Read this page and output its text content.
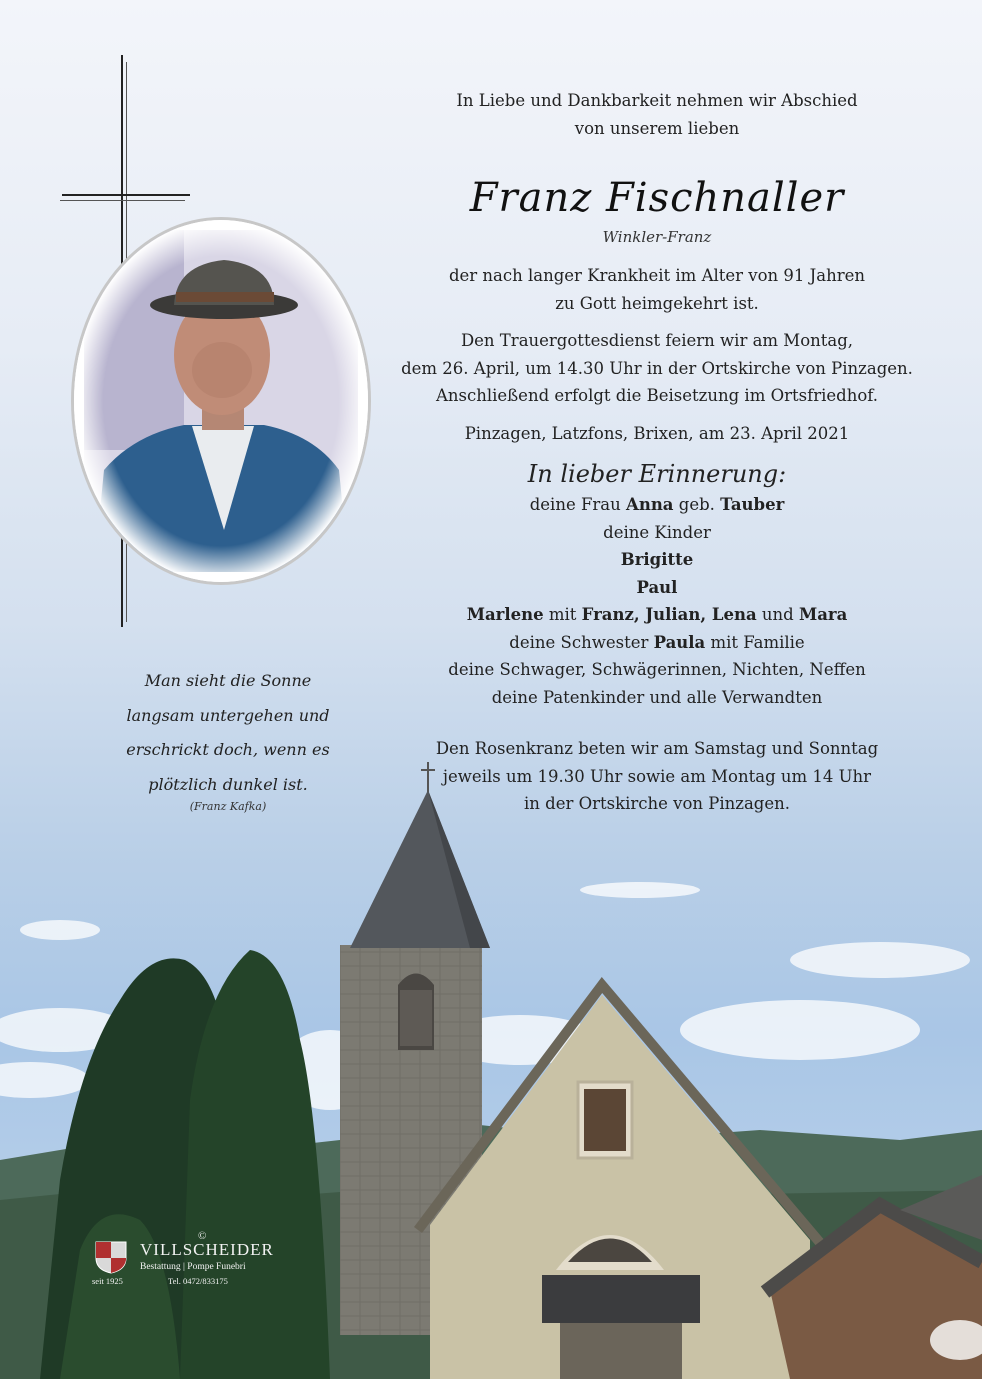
In Liebe und Dankbarkeit nehmen wir Abschied

von unserem lieben

Franz Fischnaller

Winkler-Franz

der nach langer Krankheit im Alter von 91 Jahren

zu Gott heimgekehrt ist.

Den Trauergottesdienst feiern wir am Montag,

dem 26. April, um 14.30 Uhr in der Ortskirche von Pinzagen.

Anschließend erfolgt die Beisetzung im Ortsfriedhof.

Pinzagen, Latzfons, Brixen, am 23. April 2021

In lieber Erinnerung:

deine Frau Anna geb. Tauber

deine Kinder

Brigitte

Paul

Marlene mit Franz, Julian, Lena und Mara

deine Schwester Paula mit Familie

deine Schwager, Schwägerinnen, Nichten, Neffen

deine Patenkinder und alle Verwandten

Den Rosenkranz beten wir am Samstag und Sonntag

jeweils um 19.30 Uhr sowie am Montag um 14 Uhr

in der Ortskirche von Pinzagen.

Man sieht die Sonne
langsam untergehen und
erschrickt doch, wenn es
plötzlich dunkel ist.
(Franz Kafka)
©
VILLSCHEIDER
Bestattung | Pompe Funebri
seit 1925	Tel. 0472/833175
